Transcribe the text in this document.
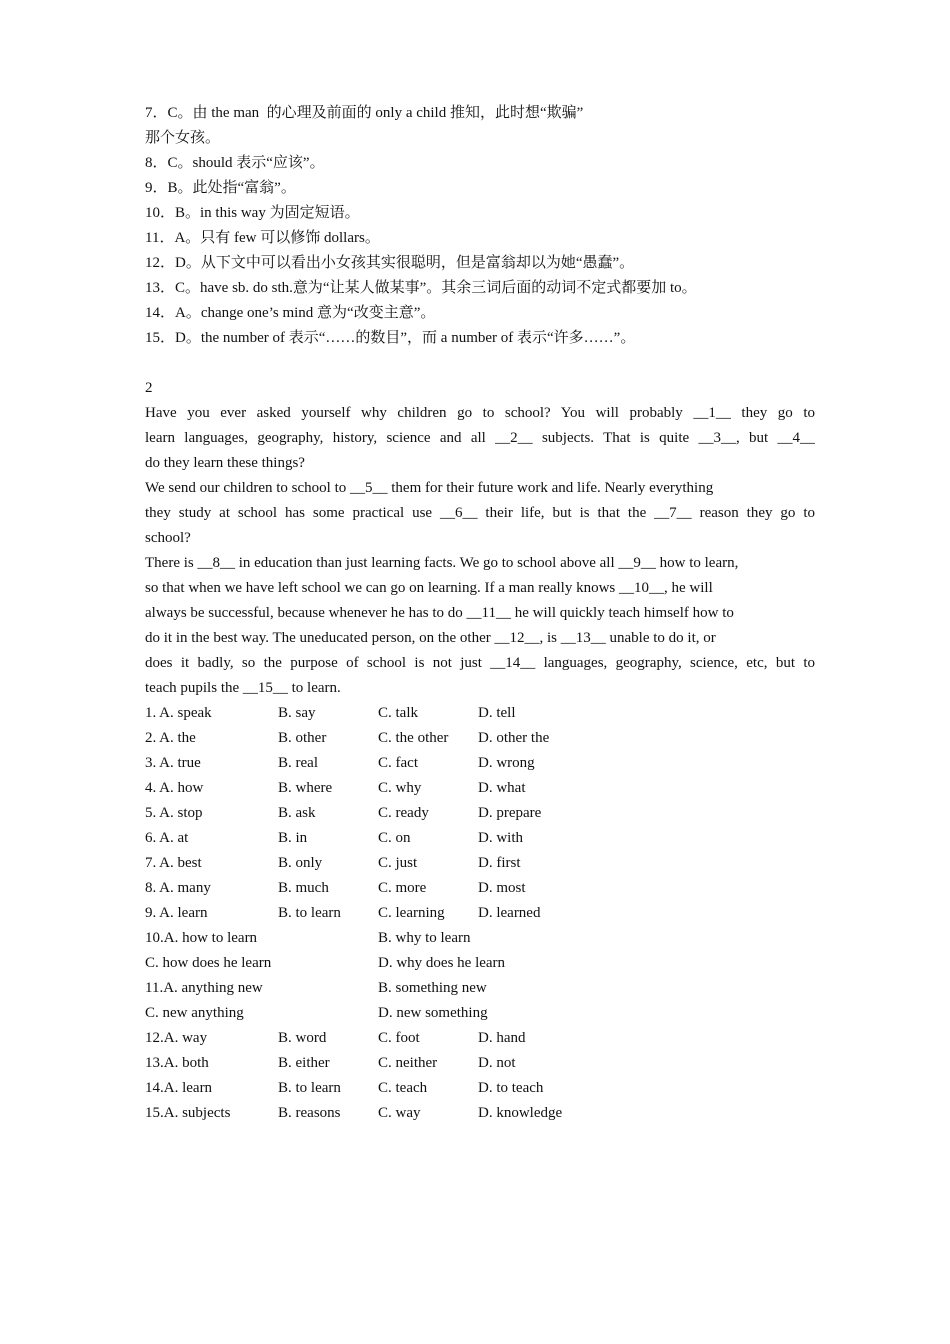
7．C。由 the man  的心理及前面的 only a child 推知，此时想“欺骗”
那个女孩。
8．C。should 表示“应该”。
9．B。此处指“富翁”。
10．B。in this way 为固定短语。
11．A。只有 few 可以修饰 dollars。
12．D。从下文中可以看出小女孩其实很聪明，但是富翁却以为她“愚蠢”。
13．C。have sb. do sth.意为“让某人做某事”。其余三词后面的动词不定式都要加 to。
14．A。change one’s mind 意为“改变主意”。
15．D。the number of 表示“……的数目”，而 a number of 表示“许多……”。
2
Have you ever asked yourself why children go to school? You will probably __1__ they go to
learn languages, geography, history, science and all __2__ subjects. That is quite __3__, but __4__
do they learn these things?
We send our children to school to __5__ them for their future work and life. Nearly everything
they study at school has some practical use __6__ their life, but is that the __7__ reason they go to
school?
There is __8__ in education than just learning facts. We go to school above all __9__ how to learn,
so that when we have left school we can go on learning. If a man really knows __10__, he will
always be successful, because whenever he has to do __11__ he will quickly teach himself how to
do it in the best way. The uneducated person, on the other __12__, is __13__ unable to do it, or
does it badly, so the purpose of school is not just __14__ languages, geography, science, etc, but to
teach pupils the __15__ to learn.
1. A. speak	B. say	C. talk	D. tell
2. A. the	B. other	C. the other	D. other the
3. A. true	B. real	C. fact	D. wrong
4. A. how	B. where	C. why	D. what
5. A. stop	B. ask	C. ready	D. prepare
6. A. at	B. in	C. on	D. with
7. A. best	B. only	C. just	D. first
8. A. many	B. much	C. more	D. most
9. A. learn	B. to learn	C. learning	D. learned
10.A. how to learn	B. why to learn
C. how does he learn	D. why does he learn
11.A. anything new	B. something new
C. new anything	D. new something
12.A. way	B. word	C. foot	D. hand
13.A. both	B. either	C. neither	D. not
14.A. learn	B. to learn	C. teach	D. to teach
15.A. subjects	B. reasons	C. way	D. knowledge
